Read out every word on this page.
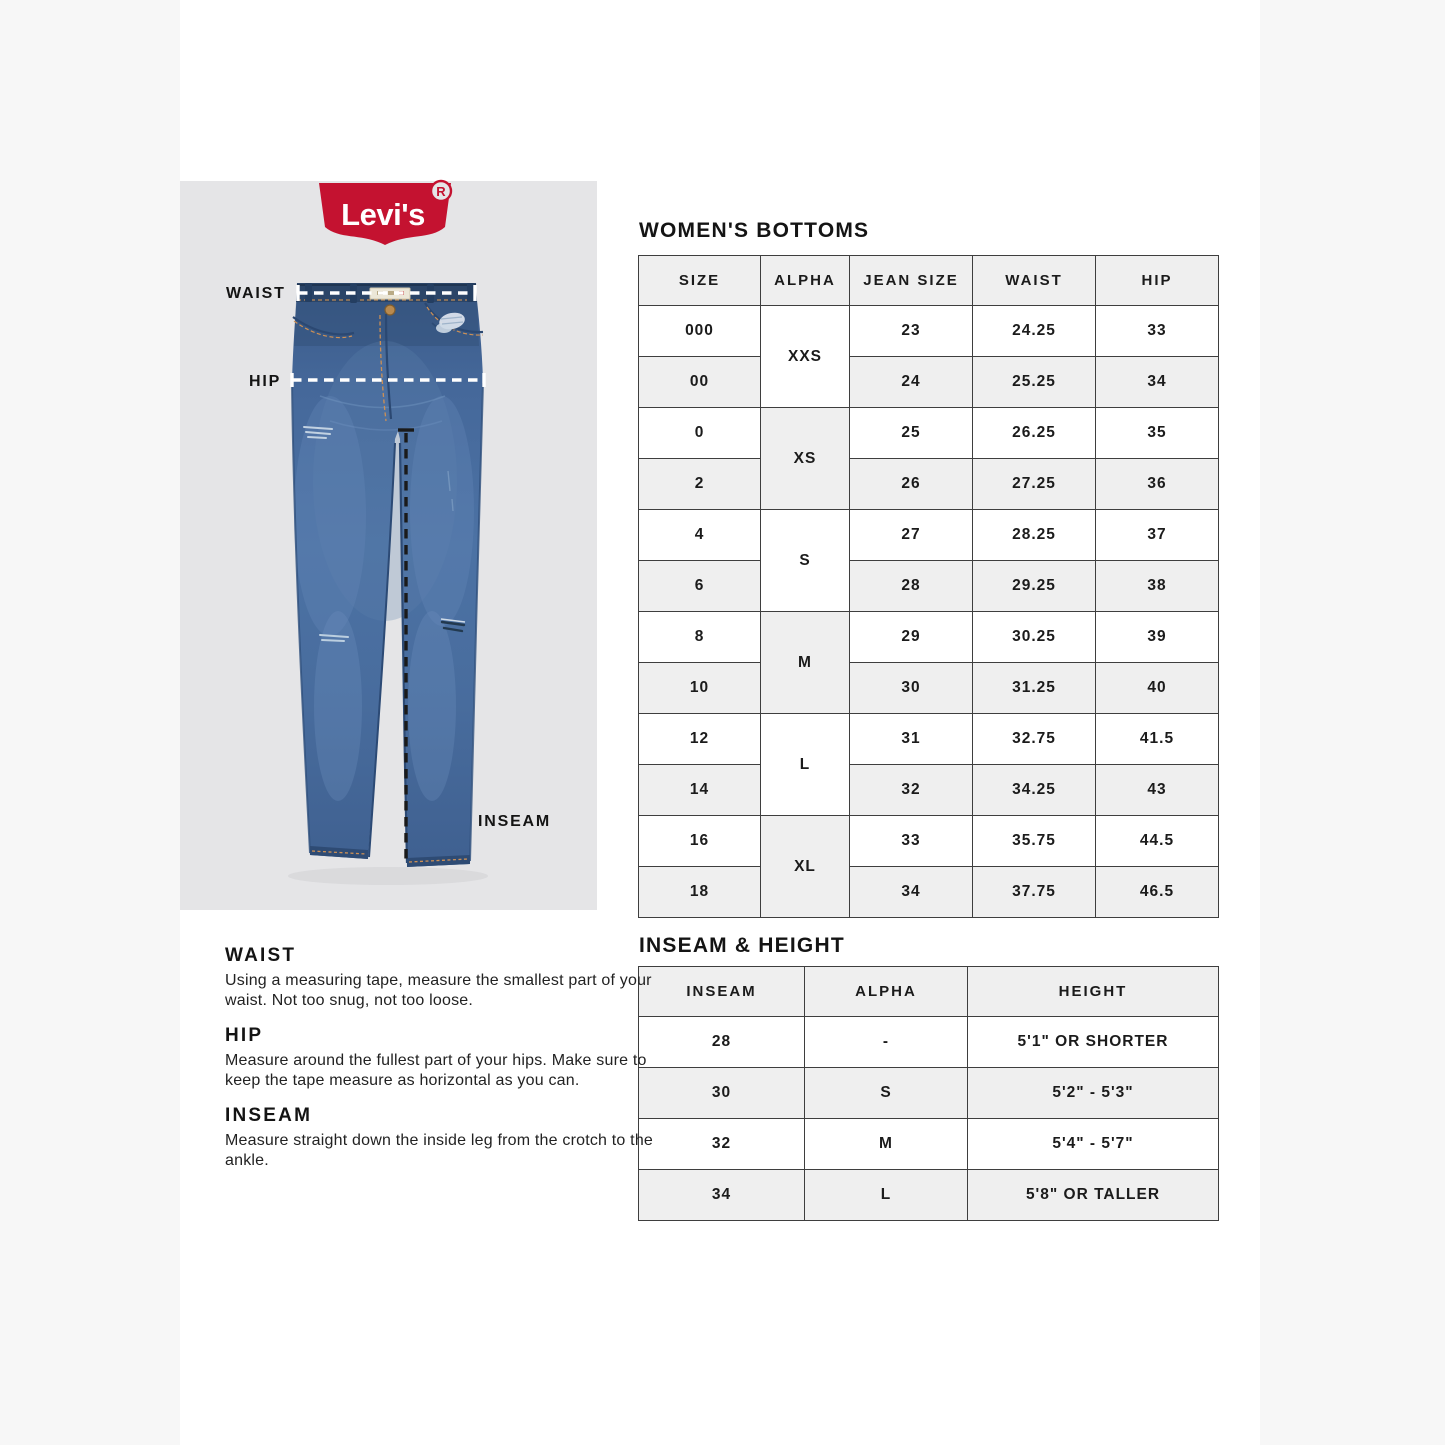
Levi's
R
WAIST
HIP
INSEAM
WOMEN'S BOTTOMS
SIZE	ALPHA	JEAN SIZE	WAIST	HIP
000	XXS	23	24.25	33
00		24	25.25	34
0	XS	25	26.25	35
2		26	27.25	36
4	S	27	28.25	37
6		28	29.25	38
8	M	29	30.25	39
10		30	31.25	40
12	L	31	32.75	41.5
14		32	34.25	43
16	XL	33	35.75	44.5
18		34	37.75	46.5
INSEAM & HEIGHT
INSEAM	ALPHA	HEIGHT
28	-	5'1" OR SHORTER
30	S	5'2" - 5'3"
32	M	5'4" - 5'7"
34	L	5'8" OR TALLER
WAIST

Using a measuring tape, measure the smallest part of your waist. Not too snug, not too loose.

HIP

Measure around the fullest part of your hips. Make sure to keep the tape measure as horizontal as you can.

INSEAM

Measure straight down the inside leg from the crotch to the ankle.
